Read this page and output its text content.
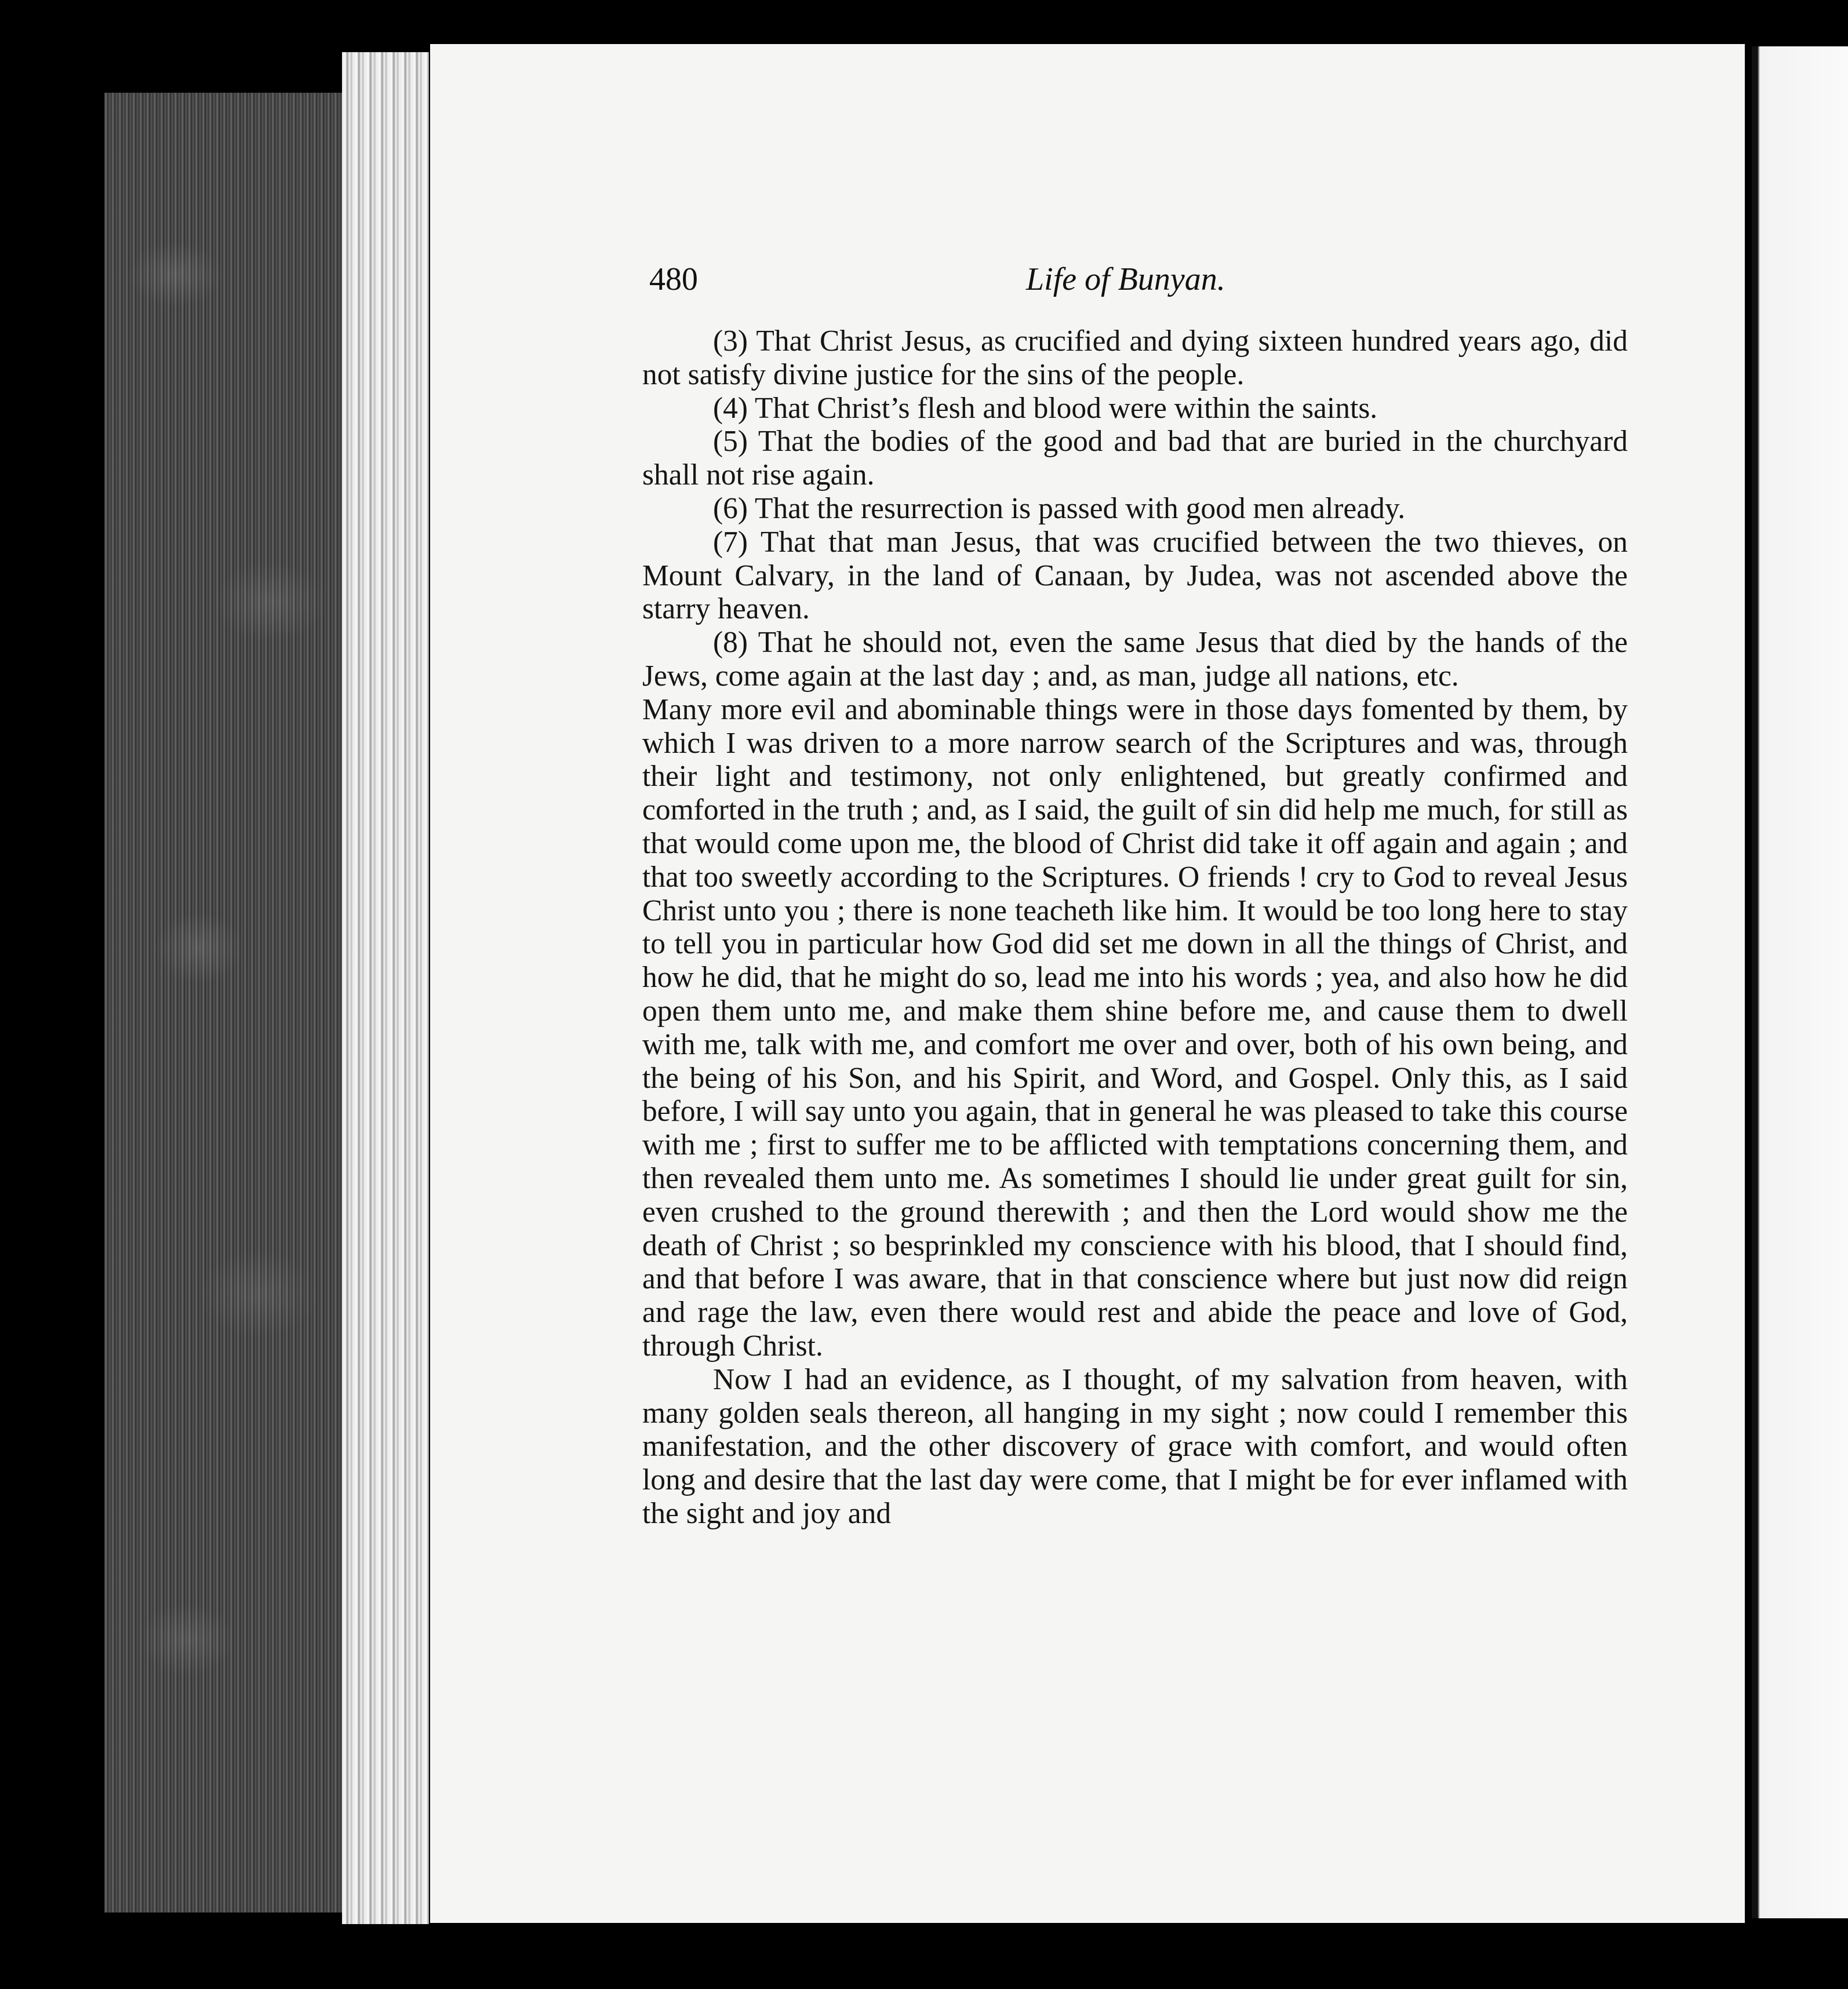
480	Life of Bunyan.

(3) That Christ Jesus, as crucified and dying sixteen hundred years ago, did not satisfy divine justice for the sins of the people.

(4) That Christ’s flesh and blood were within the saints.

(5) That the bodies of the good and bad that are buried in the churchyard shall not rise again.

(6) That the resurrection is passed with good men already.

(7) That that man Jesus, that was crucified between the two thieves, on Mount Calvary, in the land of Canaan, by Judea, was not ascended above the starry heaven.

(8) That he should not, even the same Jesus that died by the hands of the Jews, come again at the last day ; and, as man, judge all nations, etc.

Many more evil and abominable things were in those days fomented by them, by which I was driven to a more narrow search of the Scriptures and was, through their light and testimony, not only enlightened, but greatly confirmed and comforted in the truth ; and, as I said, the guilt of sin did help me much, for still as that would come upon me, the blood of Christ did take it off again and again ; and that too sweetly according to the Scriptures. O friends ! cry to God to reveal Jesus Christ unto you ; there is none teacheth like him. It would be too long here to stay to tell you in particular how God did set me down in all the things of Christ, and how he did, that he might do so, lead me into his words ; yea, and also how he did open them unto me, and make them shine before me, and cause them to dwell with me, talk with me, and comfort me over and over, both of his own being, and the being of his Son, and his Spirit, and Word, and Gospel. Only this, as I said before, I will say unto you again, that in general he was pleased to take this course with me ; first to suffer me to be afflicted with temptations concerning them, and then revealed them unto me. As sometimes I should lie under great guilt for sin, even crushed to the ground therewith ; and then the Lord would show me the death of Christ ; so besprinkled my conscience with his blood, that I should find, and that before I was aware, that in that conscience where but just now did reign and rage the law, even there would rest and abide the peace and love of God, through Christ.

Now I had an evidence, as I thought, of my salvation from heaven, with many golden seals thereon, all hanging in my sight ; now could I remember this manifestation, and the other discovery of grace with comfort, and would often long and desire that the last day were come, that I might be for ever inflamed with the sight and joy and
